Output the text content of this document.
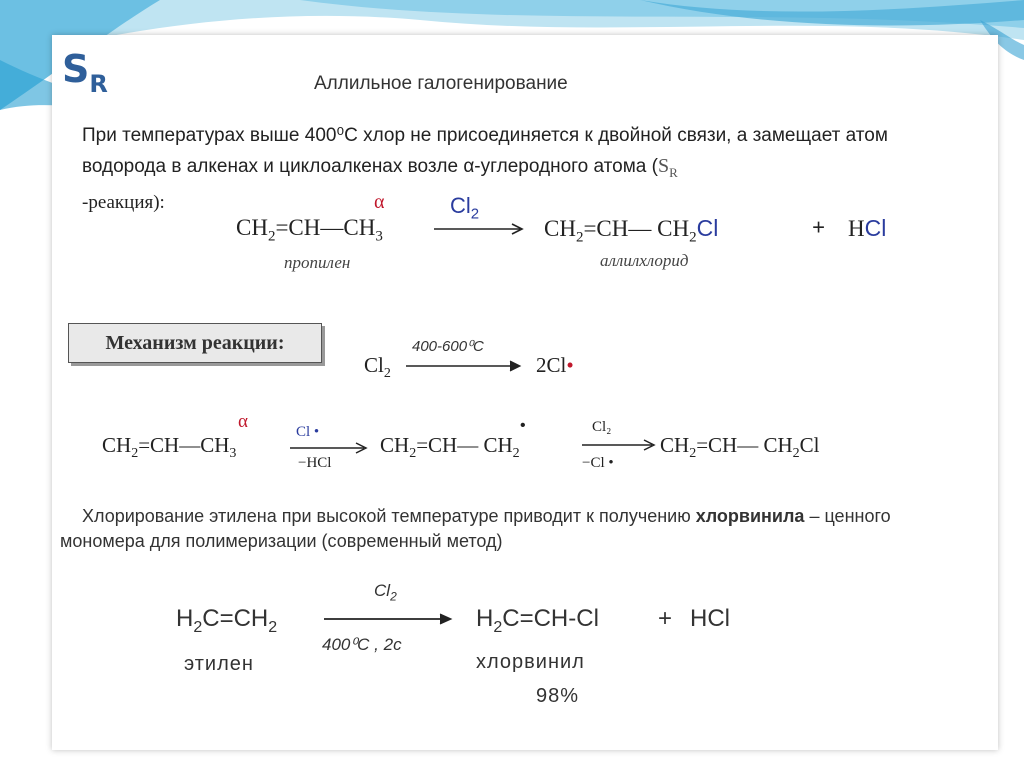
$S_R$	Аллильное галогенирование
При температурах выше 400⁰С хлор не присоединяется к двойной связи, а замещает атом водорода в алкенах и циклоалкенах возле α-углеродного атома ($S_R$
-реакция):
$CH_2=CH—CH_3$
α	$Cl_2$
$CH_2=CH—$ $CH_2Cl$	+ HCl
пропилен	аллилхлорид
Механизм реакции:
$Cl_2$
400-600⁰C
2Cl•
$CH_2=CH—CH_3$
α	Cl •
−HCl
$CH_2=CH—$ $CH_2$
•	Cl₂
−Cl •
$CH_2=CH—$ $CH_2Cl$
Хлорирование этилена при высокой температуре приводит к получению хлорвинила – ценного мономера для полимеризации (современный метод)
$H_2C=CH_2$
$Cl_2$
400⁰C , 2c
$H_2C=CH-Cl$ + HCl
этилен	хлорвинил
98%
